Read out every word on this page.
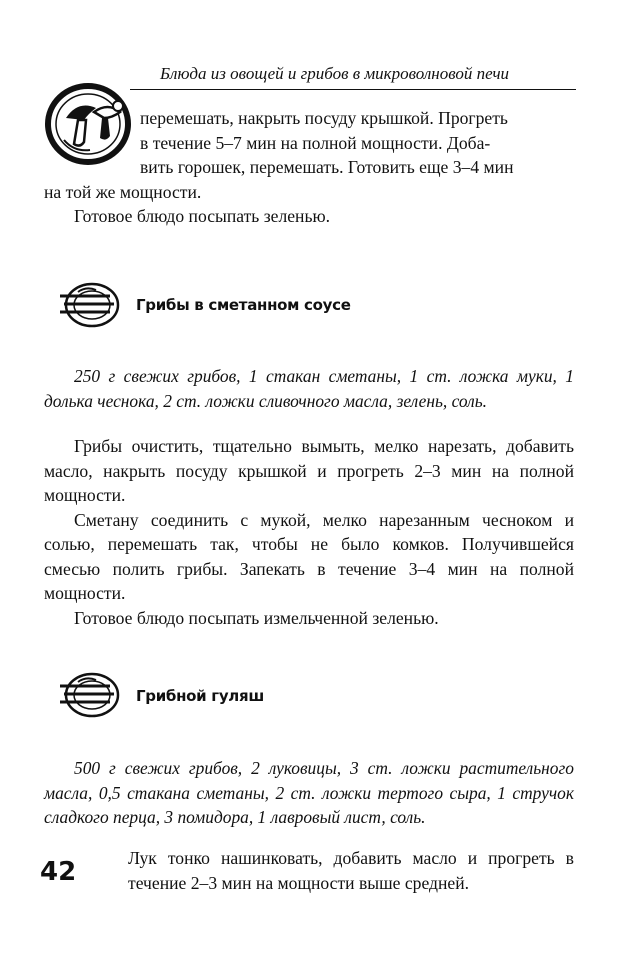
Блюда из овощей и грибов в микроволновой печи

перемешать, накрыть посуду крышкой. Прогреть

в течение 5–7 мин на полной мощности. Доба-

вить горошек, перемешать. Готовить еще 3–4 мин

на той же мощности.

Готовое блюдо посыпать зеленью.

Грибы в сметанном соусе

250 г свежих грибов, 1 стакан сметаны, 1 ст. ложка муки, 1 долька чеснока, 2 ст. ложки сливочного масла, зелень, соль.

Грибы очистить, тщательно вымыть, мелко нарезать, добавить масло, накрыть посуду крышкой и прогреть 2–3 мин на полной мощности.

Сметану соединить с мукой, мелко нарезанным чесноком и солью, перемешать так, чтобы не было комков. Получившейся смесью полить грибы. Запекать в течение 3–4 мин на полной мощности.

Готовое блюдо посыпать измельченной зеленью.

Грибной гуляш

500 г свежих грибов, 2 луковицы, 3 ст. ложки растительного масла, 0,5 стакана сметаны, 2 ст. ложки тертого сыра, 1 стручок сладкого перца, 3 помидора, 1 лавровый лист, соль.

42	Лук тонко нашинковать, добавить масло и прогреть в течение 2–3 мин на мощности выше средней.
